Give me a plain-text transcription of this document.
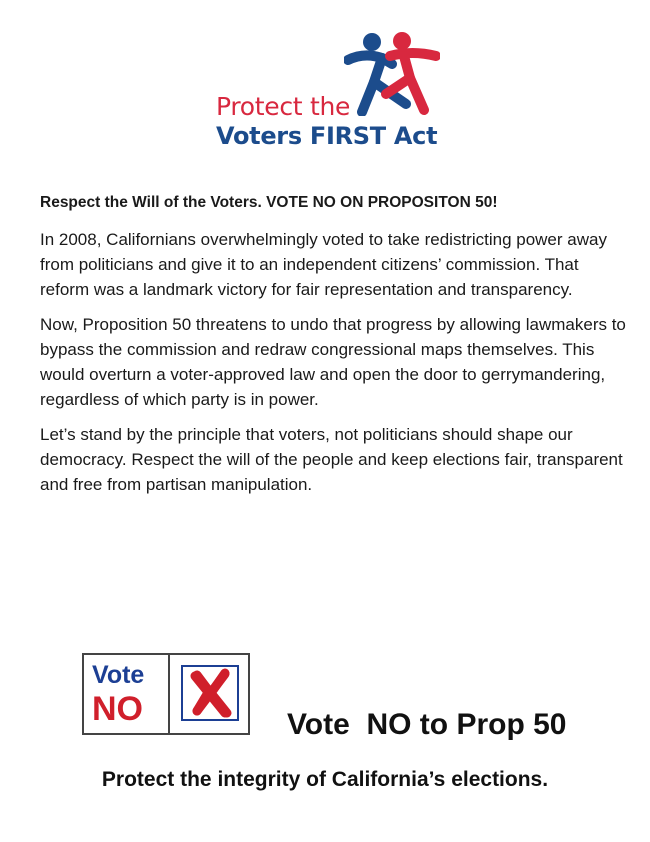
Protect the
Voters FIRST Act
Respect the Will of the Voters. VOTE NO ON PROPOSITON 50!

In 2008, Californians overwhelmingly voted to take redistricting power away from politicians and give it to an independent citizens’ commission. That reform was a landmark victory for fair representation and transparency.

Now, Proposition 50 threatens to undo that progress by allowing lawmakers to bypass the commission and redraw congressional maps themselves. This would overturn a voter-approved law and open the door to gerrymandering, regardless of which party is in power.

Let’s stand by the principle that voters, not politicians should shape our democracy. Respect the will of the people and keep elections fair, transparent and free from partisan manipulation.

Vote
NO	Vote  NO to Prop 50
Protect the integrity of California’s elections.
